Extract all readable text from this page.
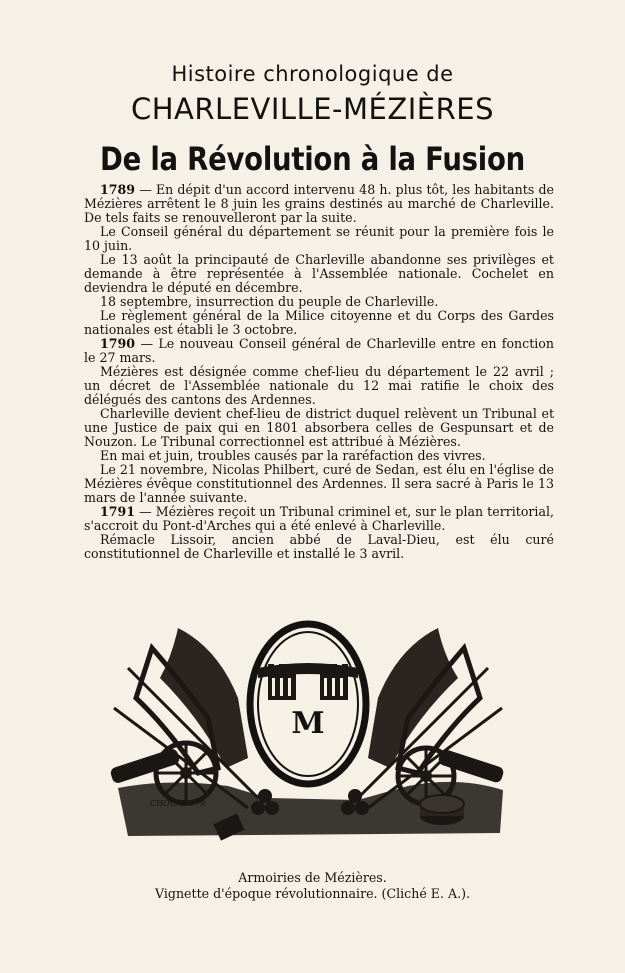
Histoire chronologique de
CHARLEVILLE-MÉZIÈRES
De la Révolution à la Fusion

1789 — En dépit d'un accord intervenu 48 h. plus tôt, les habitants de Mézières arrêtent le 8 juin les grains destinés au marché de Charleville. De tels faits se renouvelleront par la suite.

Le Conseil général du département se réunit pour la première fois le 10 juin.

Le 13 août la principauté de Charleville abandonne ses privilèges et demande à être représentée à l'Assemblée nationale. Cochelet en deviendra le député en décembre.

18 septembre, insurrection du peuple de Charleville.

Le règlement général de la Milice citoyenne et du Corps des Gardes nationales est établi le 3 octobre.

1790 — Le nouveau Conseil général de Charleville entre en fonction le 27 mars.

Mézières est désignée comme chef-lieu du département le 22 avril ; un décret de l'Assemblée nationale du 12 mai ratifie le choix des délégués des cantons des Ardennes.

Charleville devient chef-lieu de district duquel relèvent un Tribunal et une Justice de paix qui en 1801 absorbera celles de Gespunsart et de Nouzon. Le Tribunal correctionnel est attribué à Mézières.

En mai et juin, troubles causés par la raréfaction des vivres.

Le 21 novembre, Nicolas Philbert, curé de Sedan, est élu en l'église de Mézières évêque constitutionnel des Ardennes. Il sera sacré à Paris le 13 mars de l'année suivante.

1791 — Mézières reçoit un Tribunal criminel et, sur le plan territorial, s'accroit du Pont-d'Arches qui a été enlevé à Charleville.

Rémacle Lissoir, ancien abbé de Laval-Dieu, est élu curé constitutionnel de Charleville et installé le 3 avril.

M
CHOUAL.179
Armoiries de Mézières.
Vignette d'époque révolutionnaire. (Cliché E. A.).
